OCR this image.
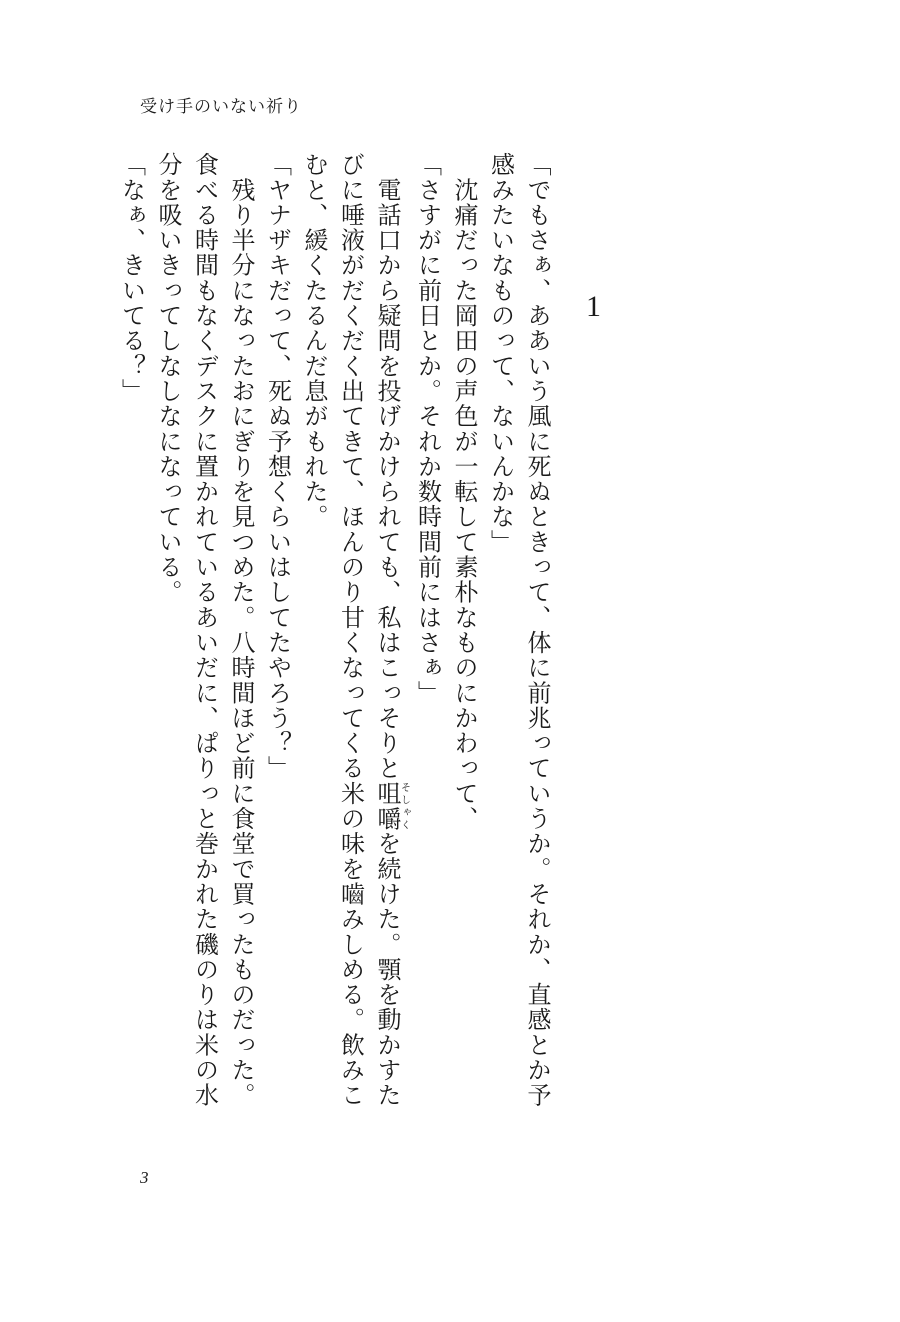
受け手のいない祈り
1

「でもさぁ、ああいう風に死ぬときって、体に前兆っていうか。それか、直感とか予感みたいなものって、ないんかな」

　沈痛だった岡田の声色が一転して素朴なものにかわって、

「さすがに前日とか。それか数時間前にはさぁ」

　電話口から疑問を投げかけられても、私はこっそりと咀嚼そしゃくを続けた。顎を動かすたびに唾液がだくだく出てきて、ほんのり甘くなってくる米の味を嚙みしめる。飲みこむと、緩くたるんだ息がもれた。

「ヤナザキだって、死ぬ予想くらいはしてたやろう？」

　残り半分になったおにぎりを見つめた。八時間ほど前に食堂で買ったものだった。食べる時間もなくデスクに置かれているあいだに、ぱりっと巻かれた磯のりは米の水分を吸いきってしなしなになっている。

「なぁ、きいてる？」

3
